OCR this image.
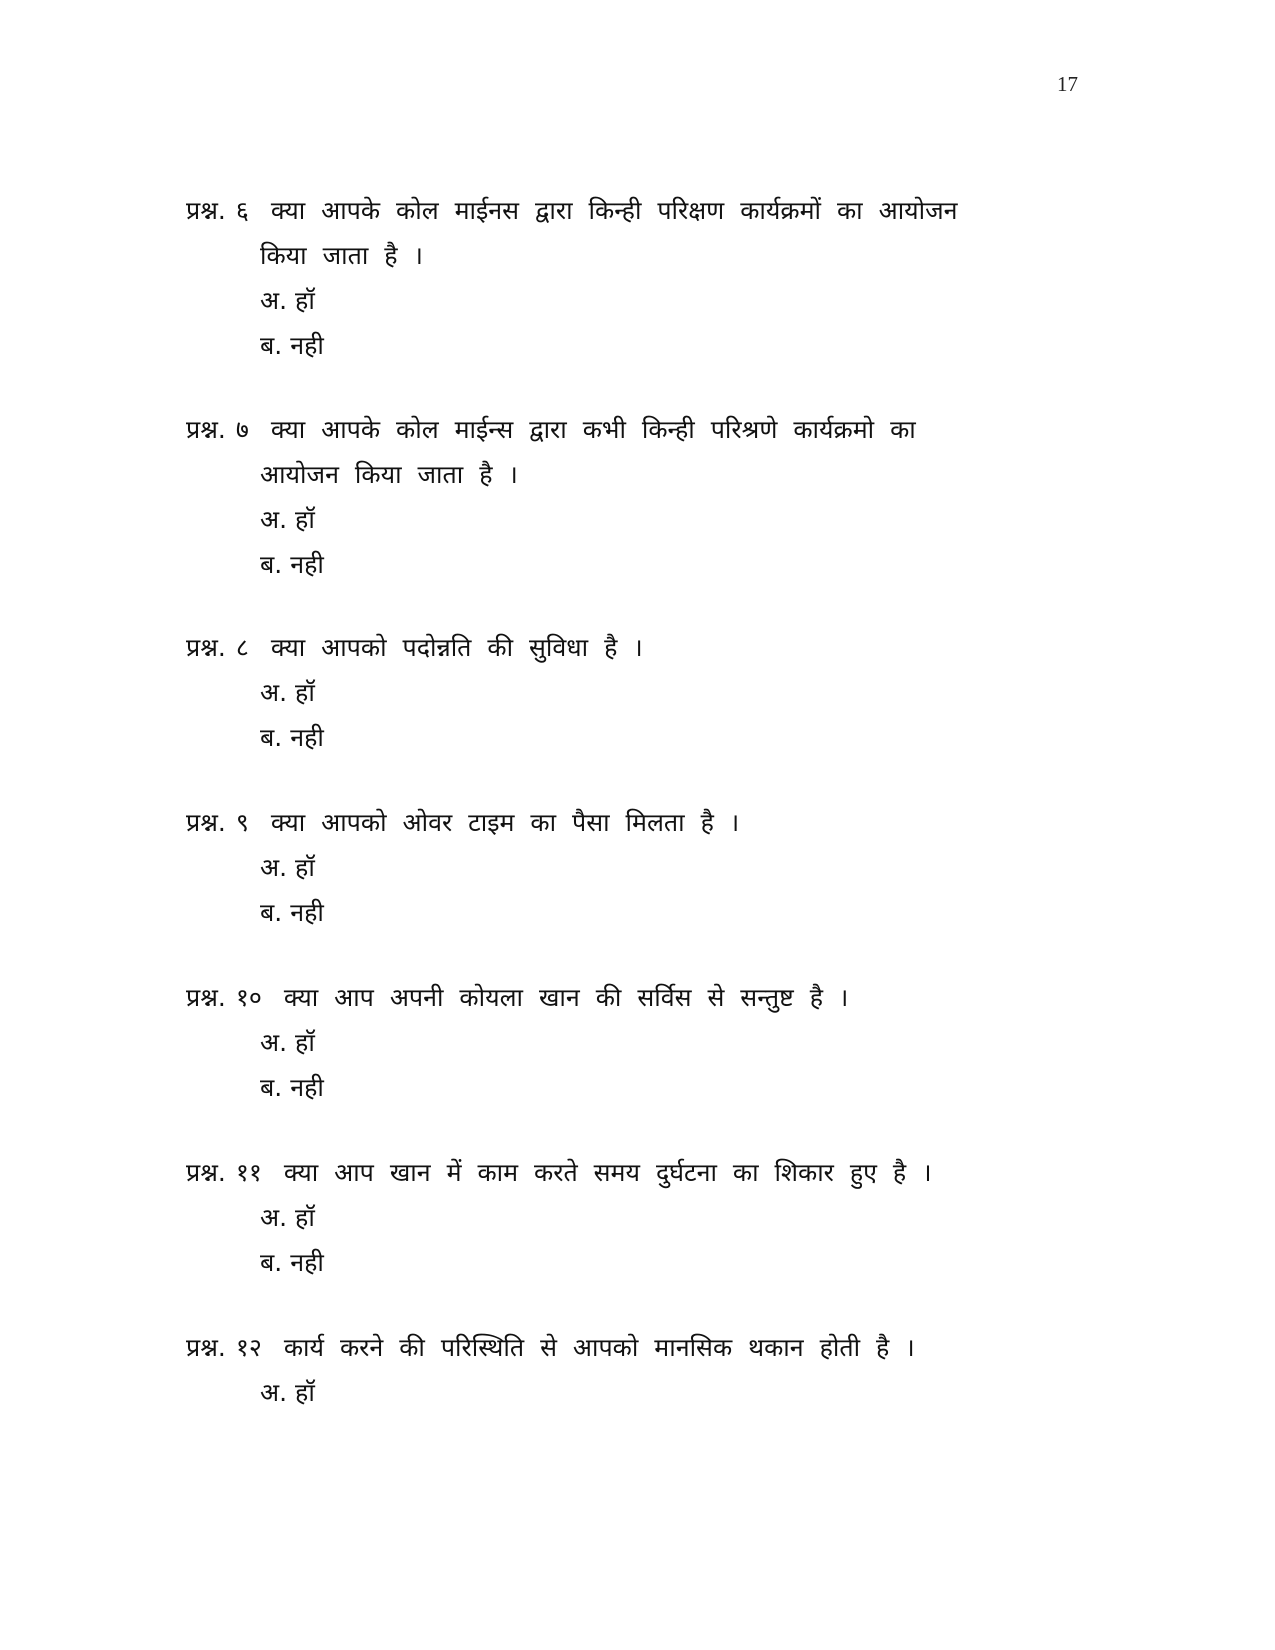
17
प्रश्न. ६ क्या आपके कोल माईनस द्वारा किन्ही परिक्षण कार्यक्रमों का आयोजन
किया जाता है ।
अ. हॉ
ब. नही
प्रश्न. ७ क्या आपके कोल माईन्स द्वारा कभी किन्ही परिश्रणे कार्यक्रमो का
आयोजन किया जाता है ।
अ. हॉ
ब. नही
प्रश्न. ८ क्या आपको पदोन्नति की सुविधा है ।
अ. हॉ
ब. नही
प्रश्न. ९ क्या आपको ओवर टाइम का पैसा मिलता है ।
अ. हॉ
ब. नही
प्रश्न. १० क्या आप अपनी कोयला खान की सर्विस से सन्तुष्ट है ।
अ. हॉ
ब. नही
प्रश्न. ११ क्या आप खान में काम करते समय दुर्घटना का शिकार हुए है ।
अ. हॉ
ब. नही
प्रश्न. १२ कार्य करने की परिस्थिति से आपको मानसिक थकान होती है ।
अ. हॉ
